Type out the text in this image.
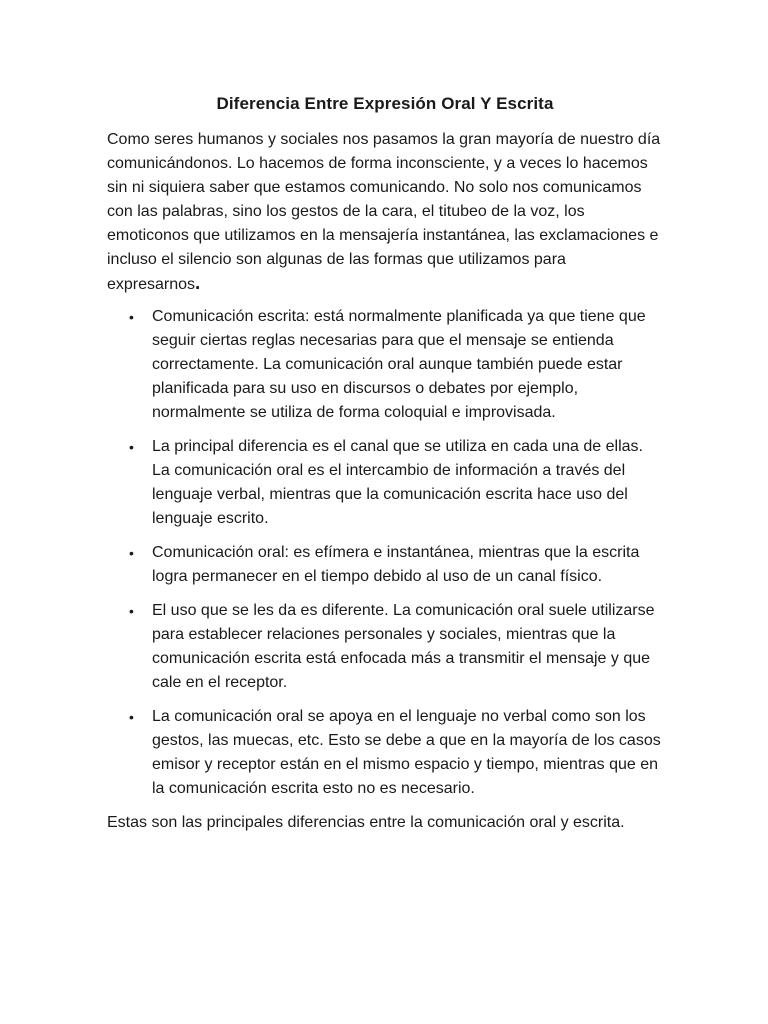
Diferencia Entre Expresión Oral Y Escrita

Como seres humanos y sociales nos pasamos la gran mayoría de nuestro día comunicándonos. Lo hacemos de forma inconsciente, y a veces lo hacemos sin ni siquiera saber que estamos comunicando. No solo nos comunicamos con las palabras, sino los gestos de la cara, el titubeo de la voz, los emoticonos que utilizamos en la mensajería instantánea, las exclamaciones e incluso el silencio son algunas de las formas que utilizamos para expresarnos.

• Comunicación escrita: está normalmente planificada ya que tiene que seguir ciertas reglas necesarias para que el mensaje se entienda correctamente. La comunicación oral aunque también puede estar planificada para su uso en discursos o debates por ejemplo, normalmente se utiliza de forma coloquial e improvisada.
• La principal diferencia es el canal que se utiliza en cada una de ellas. La comunicación oral es el intercambio de información a través del lenguaje verbal, mientras que la comunicación escrita hace uso del lenguaje escrito.
• Comunicación oral: es efímera e instantánea, mientras que la escrita logra permanecer en el tiempo debido al uso de un canal físico.
• El uso que se les da es diferente. La comunicación oral suele utilizarse para establecer relaciones personales y sociales, mientras que la comunicación escrita está enfocada más a transmitir el mensaje y que cale en el receptor.
• La comunicación oral se apoya en el lenguaje no verbal como son los gestos, las muecas, etc. Esto se debe a que en la mayoría de los casos emisor y receptor están en el mismo espacio y tiempo, mientras que en la comunicación escrita esto no es necesario.

Estas son las principales diferencias entre la comunicación oral y escrita.
